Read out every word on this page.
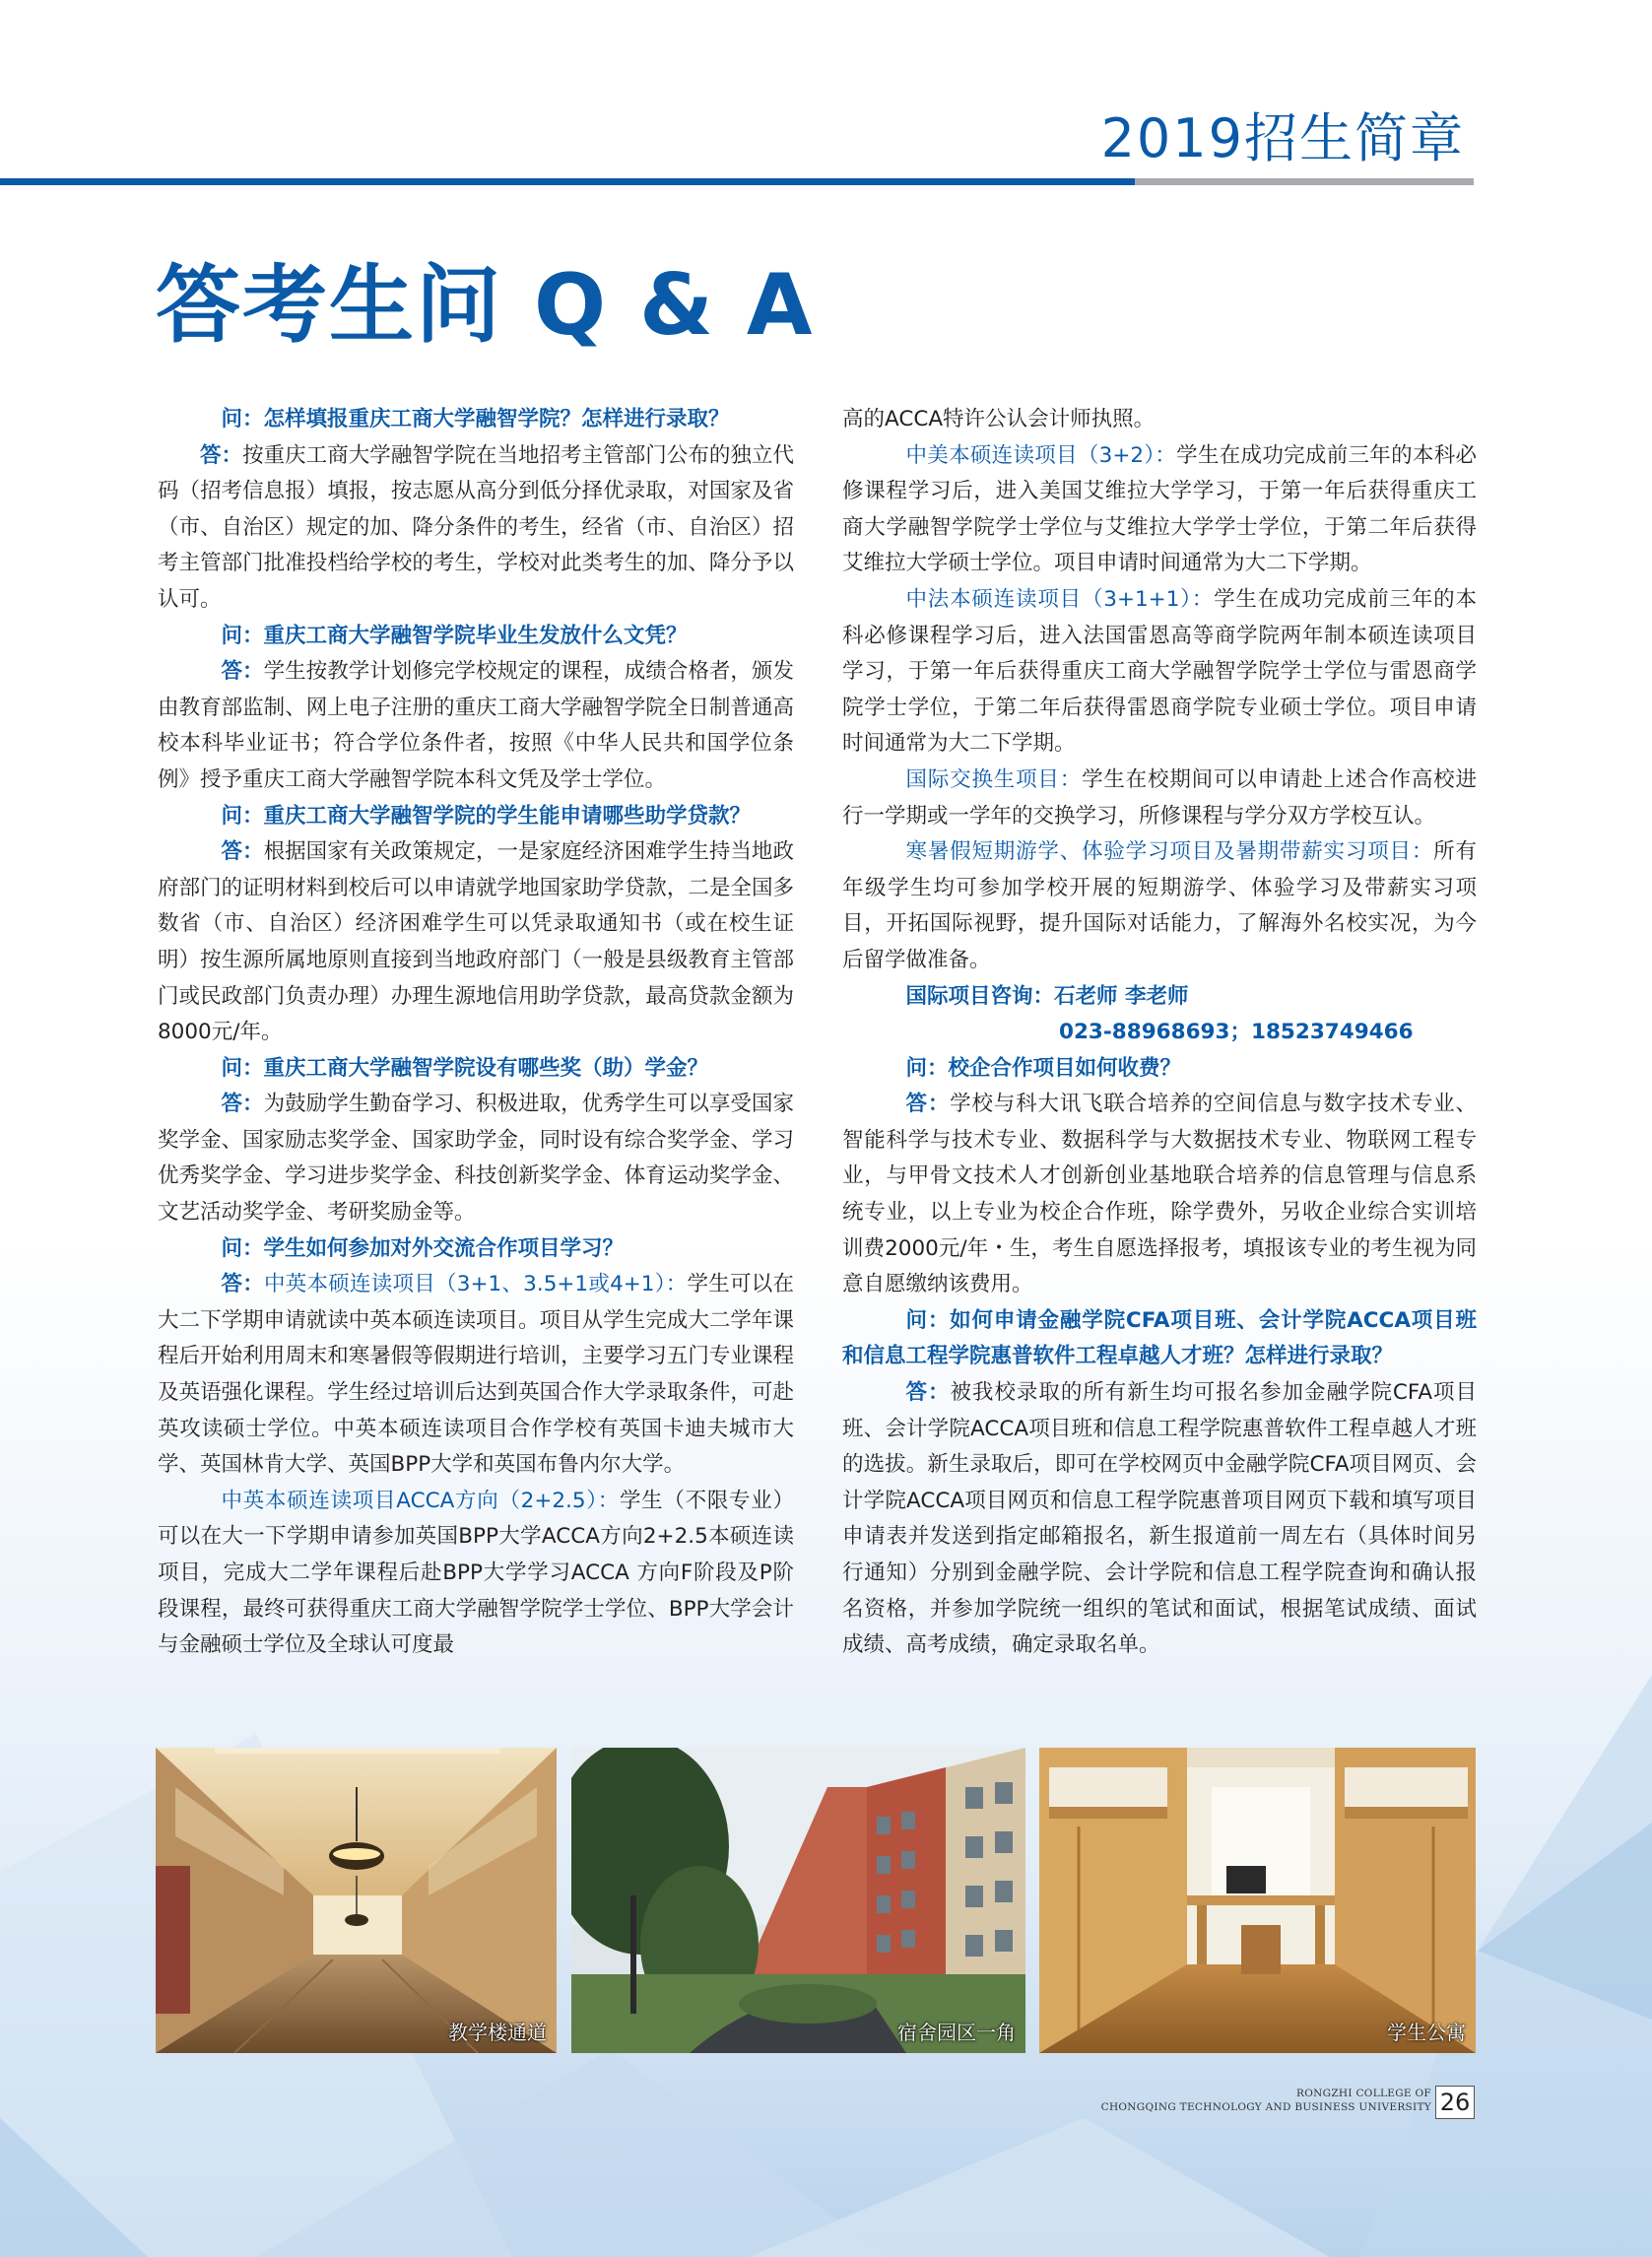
2019招生简章
答考生问 Q & A

问：怎样填报重庆工商大学融智学院？怎样进行录取？

答：按重庆工商大学融智学院在当地招考主管部门公布的独立代码（招考信息报）填报，按志愿从高分到低分择优录取，对国家及省（市、自治区）规定的加、降分条件的考生，经省（市、自治区）招考主管部门批准投档给学校的考生，学校对此类考生的加、降分予以认可。

问：重庆工商大学融智学院毕业生发放什么文凭？

答：学生按教学计划修完学校规定的课程，成绩合格者，颁发由教育部监制、网上电子注册的重庆工商大学融智学院全日制普通高校本科毕业证书；符合学位条件者，按照《中华人民共和国学位条例》授予重庆工商大学融智学院本科文凭及学士学位。

问：重庆工商大学融智学院的学生能申请哪些助学贷款？

答：根据国家有关政策规定，一是家庭经济困难学生持当地政府部门的证明材料到校后可以申请就学地国家助学贷款，二是全国多数省（市、自治区）经济困难学生可以凭录取通知书（或在校生证明）按生源所属地原则直接到当地政府部门（一般是县级教育主管部门或民政部门负责办理）办理生源地信用助学贷款，最高贷款金额为8000元/年。

问：重庆工商大学融智学院设有哪些奖（助）学金？

答：为鼓励学生勤奋学习、积极进取，优秀学生可以享受国家奖学金、国家励志奖学金、国家助学金，同时设有综合奖学金、学习优秀奖学金、学习进步奖学金、科技创新奖学金、体育运动奖学金、文艺活动奖学金、考研奖励金等。

问：学生如何参加对外交流合作项目学习？

答：中英本硕连读项目（3+1、3.5+1或4+1）：学生可以在大二下学期申请就读中英本硕连读项目。项目从学生完成大二学年课程后开始利用周末和寒暑假等假期进行培训，主要学习五门专业课程及英语强化课程。学生经过培训后达到英国合作大学录取条件，可赴英攻读硕士学位。中英本硕连读项目合作学校有英国卡迪夫城市大学、英国林肯大学、英国BPP大学和英国布鲁内尔大学。

中英本硕连读项目ACCA方向（2+2.5）：学生（不限专业）可以在大一下学期申请参加英国BPP大学ACCA方向2+2.5本硕连读项目，完成大二学年课程后赴BPP大学学习ACCA 方向F阶段及P阶段课程，最终可获得重庆工商大学融智学院学士学位、BPP大学会计与金融硕士学位及全球认可度最

高的ACCA特许公认会计师执照。

中美本硕连读项目（3+2）：学生在成功完成前三年的本科必修课程学习后，进入美国艾维拉大学学习，于第一年后获得重庆工商大学融智学院学士学位与艾维拉大学学士学位，于第二年后获得艾维拉大学硕士学位。项目申请时间通常为大二下学期。

中法本硕连读项目（3+1+1）：学生在成功完成前三年的本科必修课程学习后，进入法国雷恩高等商学院两年制本硕连读项目学习，于第一年后获得重庆工商大学融智学院学士学位与雷恩商学院学士学位，于第二年后获得雷恩商学院专业硕士学位。项目申请时间通常为大二下学期。

国际交换生项目：学生在校期间可以申请赴上述合作高校进行一学期或一学年的交换学习，所修课程与学分双方学校互认。

寒暑假短期游学、体验学习项目及暑期带薪实习项目：所有年级学生均可参加学校开展的短期游学、体验学习及带薪实习项目，开拓国际视野，提升国际对话能力，了解海外名校实况，为今后留学做准备。

国际项目咨询：石老师 李老师

023-88968693；18523749466

问：校企合作项目如何收费？

答：学校与科大讯飞联合培养的空间信息与数字技术专业、智能科学与技术专业、数据科学与大数据技术专业、物联网工程专业，与甲骨文技术人才创新创业基地联合培养的信息管理与信息系统专业，以上专业为校企合作班，除学费外，另收企业综合实训培训费2000元/年・生，考生自愿选择报考，填报该专业的考生视为同意自愿缴纳该费用。

问：如何申请金融学院CFA项目班、会计学院ACCA项目班和信息工程学院惠普软件工程卓越人才班？怎样进行录取？

答：被我校录取的所有新生均可报名参加金融学院CFA项目班、会计学院ACCA项目班和信息工程学院惠普软件工程卓越人才班的选拔。新生录取后，即可在学校网页中金融学院CFA项目网页、会计学院ACCA项目网页和信息工程学院惠普项目网页下载和填写项目申请表并发送到指定邮箱报名，新生报道前一周左右（具体时间另行通知）分别到金融学院、会计学院和信息工程学院查询和确认报名资格，并参加学院统一组织的笔试和面试，根据笔试成绩、面试成绩、高考成绩，确定录取名单。

教学楼通道	宿舍园区一角	学生公寓
RONGZHI COLLEGE OF
CHONGQING TECHNOLOGY AND BUSINESS UNIVERSITY 26
